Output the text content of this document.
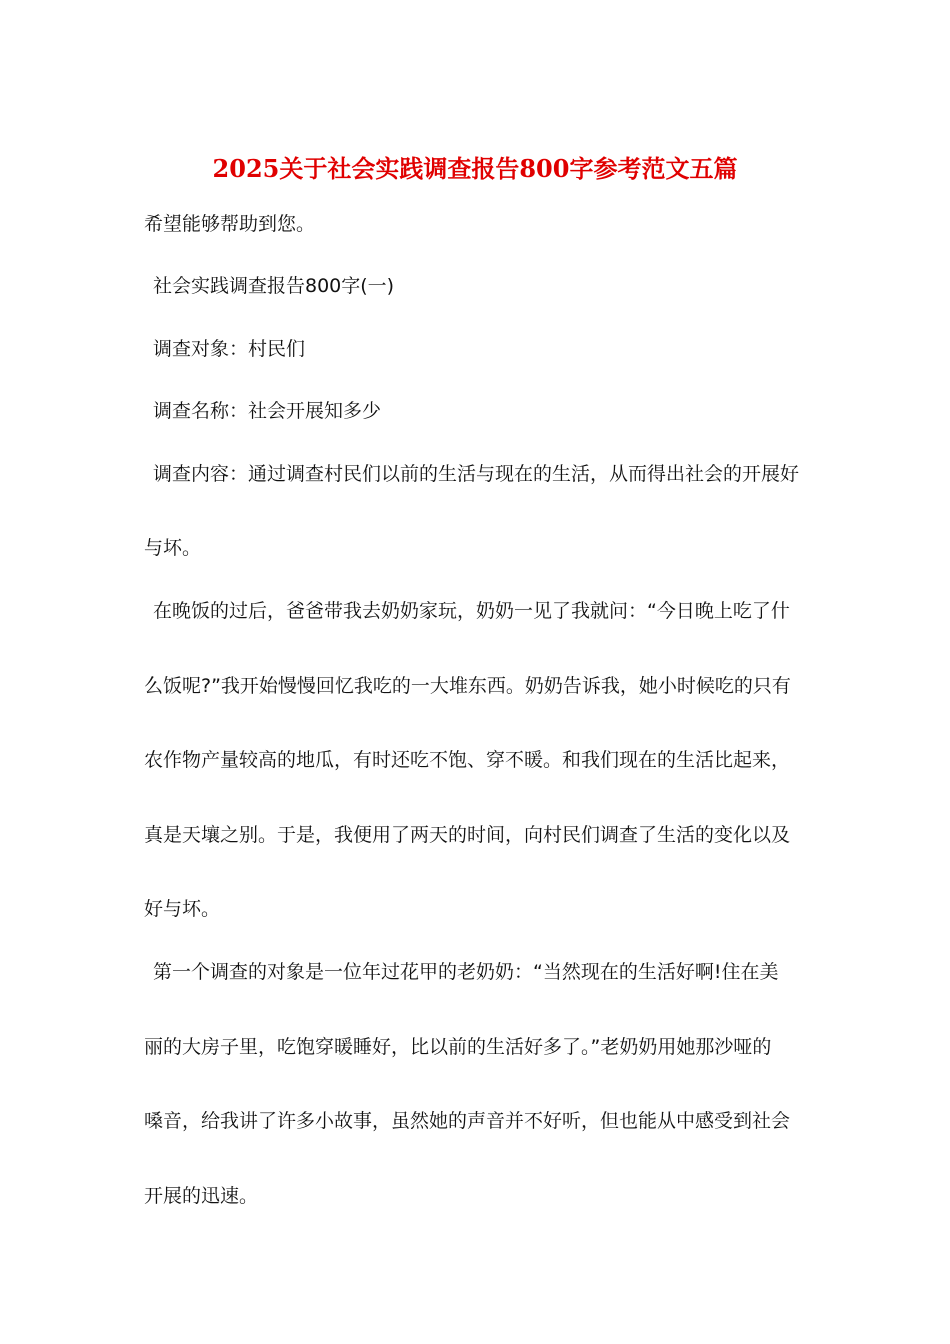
2025关于社会实践调查报告800字参考范文五篇
希望能够帮助到您。
社会实践调查报告800字(一)
调查对象：村民们
调查名称：社会开展知多少
调查内容：通过调查村民们以前的生活与现在的生活，从而得出社会的开展好
与坏。
在晚饭的过后，爸爸带我去奶奶家玩，奶奶一见了我就问：“今日晚上吃了什
么饭呢?”我开始慢慢回忆我吃的一大堆东西。奶奶告诉我，她小时候吃的只有
农作物产量较高的地瓜，有时还吃不饱、穿不暖。和我们现在的生活比起来，
真是天壤之别。于是，我便用了两天的时间，向村民们调查了生活的变化以及
好与坏。
第一个调查的对象是一位年过花甲的老奶奶：“当然现在的生活好啊!住在美
丽的大房子里，吃饱穿暖睡好，比以前的生活好多了。”老奶奶用她那沙哑的
嗓音，给我讲了许多小故事，虽然她的声音并不好听，但也能从中感受到社会
开展的迅速。
